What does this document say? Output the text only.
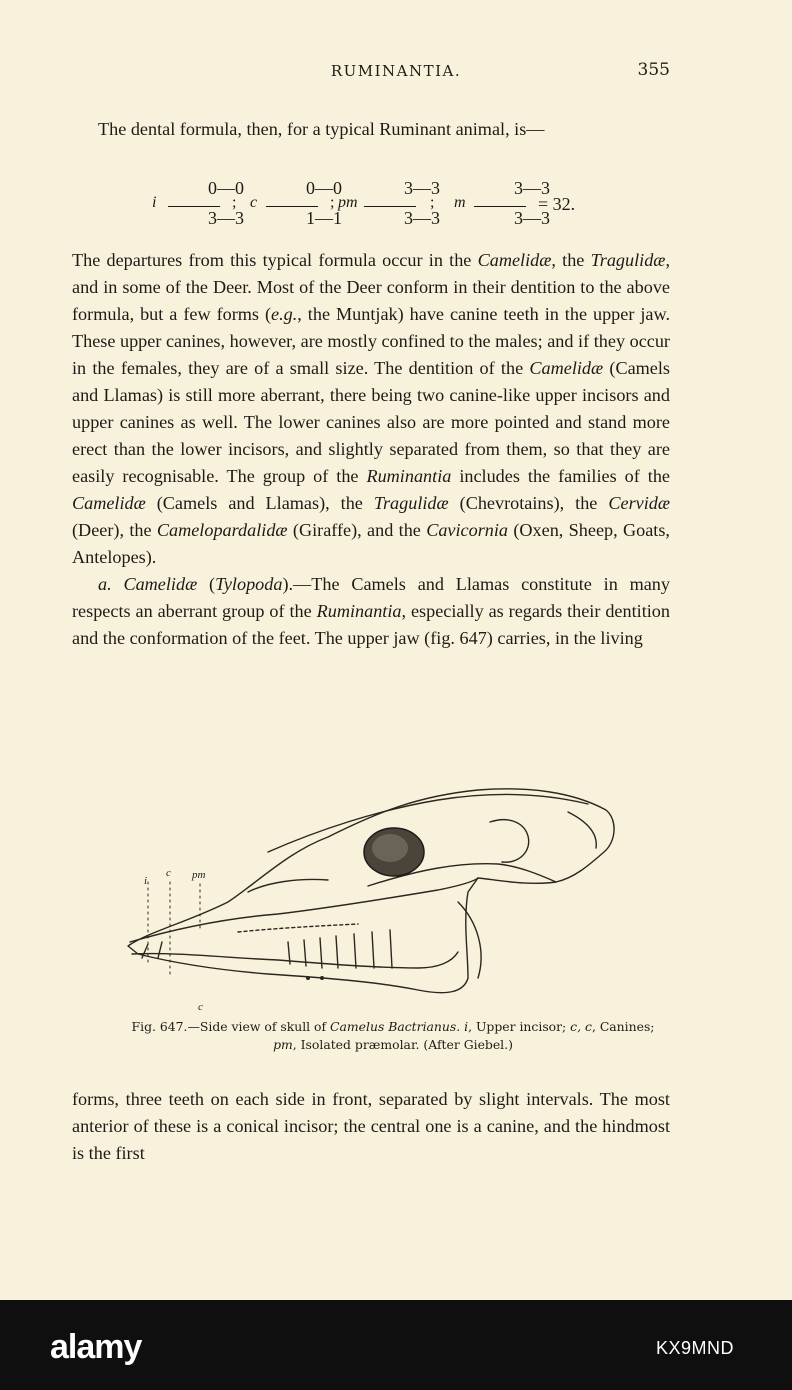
RUMINANTIA.	355
The dental formula, then, for a typical Ruminant animal, is—
i
0—0
3—3
; c
0—0
1—1
; pm
3—3
3—3
; m
3—3
3—3
= 32.

The departures from this typical formula occur in the Camelidæ, the Tragulidæ, and in some of the Deer. Most of the Deer conform in their dentition to the above formula, but a few forms (e.g., the Muntjak) have canine teeth in the upper jaw. These upper canines, however, are mostly confined to the males; and if they occur in the females, they are of a small size. The dentition of the Camelidæ (Camels and Llamas) is still more aberrant, there being two canine-like upper incisors and upper canines as well. The lower canines also are more pointed and stand more erect than the lower incisors, and slightly separated from them, so that they are easily recognisable. The group of the Ruminantia includes the families of the Camelidæ (Camels and Llamas), the Tragulidæ (Chevrotains), the Cervidæ (Deer), the Camelopardalidæ (Giraffe), and the Cavicornia (Oxen, Sheep, Goats, Antelopes).

a. Camelidæ (Tylopoda).—The Camels and Llamas constitute in many respects an aberrant group of the Ruminantia, especially as regards their dentition and the conformation of the feet. The upper jaw (fig. 647) carries, in the living

i
c pm
c
Fig. 647.—Side view of skull of Camelus Bactrianus. i, Upper incisor; c, c, Canines;
pm, Isolated præmolar. (After Giebel.)
forms, three teeth on each side in front, separated by slight intervals. The most anterior of these is a conical incisor; the central one is a canine, and the hindmost is the first
alamy	KX9MND
